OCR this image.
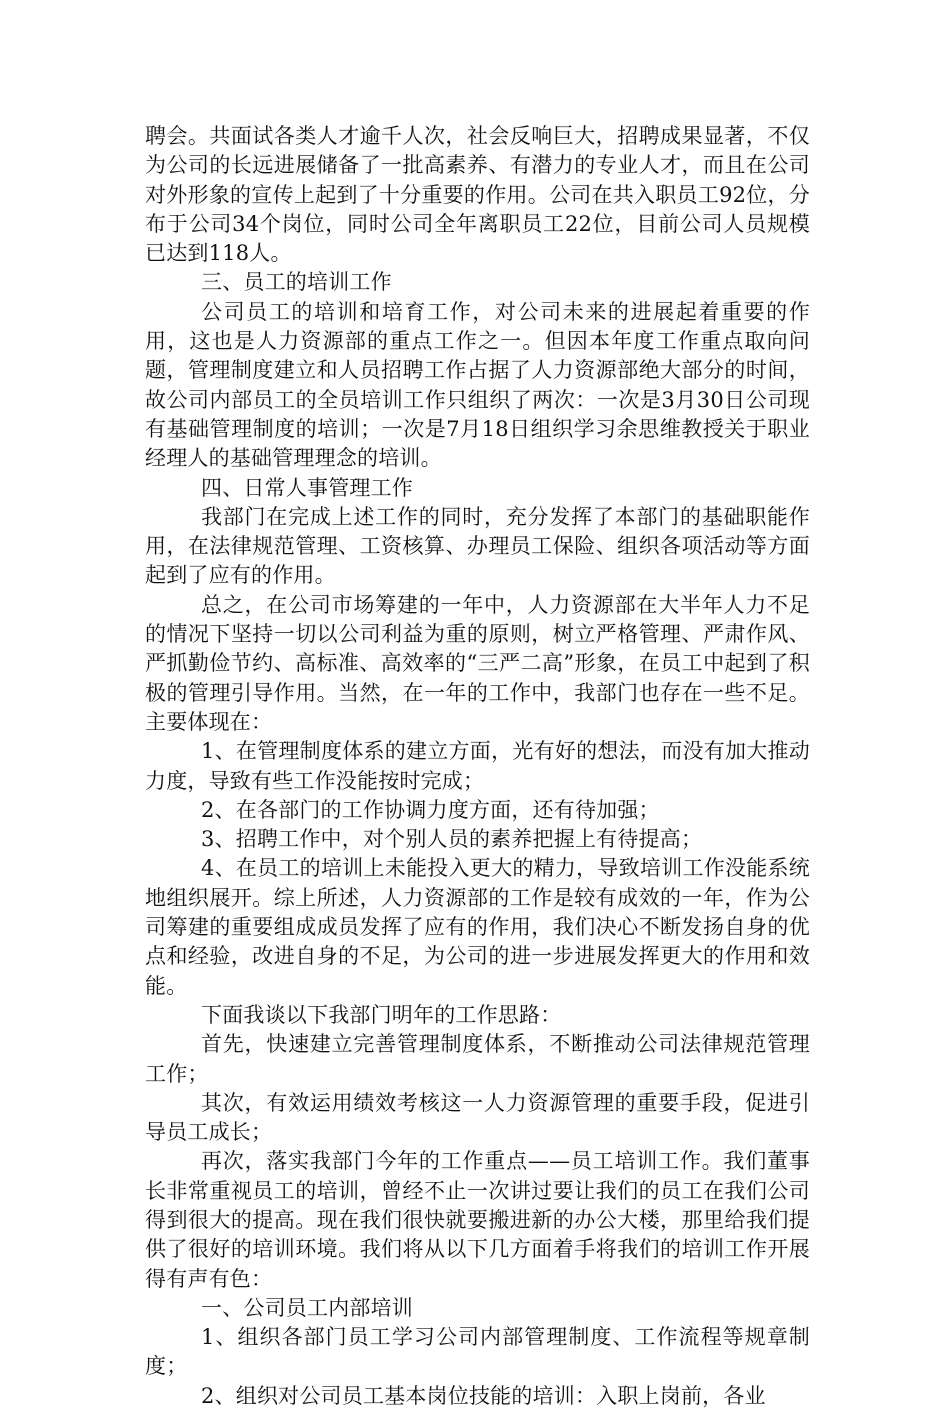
聘会。共面试各类人才逾千人次，社会反响巨大，招聘成果显著，不仅为公司的长远进展储备了一批高素养、有潜力的专业人才，而且在公司对外形象的宣传上起到了十分重要的作用。公司在共入职员工92位，分布于公司34个岗位，同时公司全年离职员工22位，目前公司人员规模已达到118人。

三、员工的培训工作

公司员工的培训和培育工作，对公司未来的进展起着重要的作用，这也是人力资源部的重点工作之一。但因本年度工作重点取向问题，管理制度建立和人员招聘工作占据了人力资源部绝大部分的时间，故公司内部员工的全员培训工作只组织了两次：一次是3月30日公司现有基础管理制度的培训；一次是7月18日组织学习余思维教授关于职业经理人的基础管理理念的培训。

四、日常人事管理工作

我部门在完成上述工作的同时，充分发挥了本部门的基础职能作用，在法律规范管理、工资核算、办理员工保险、组织各项活动等方面起到了应有的作用。

总之，在公司市场筹建的一年中，人力资源部在大半年人力不足的情况下坚持一切以公司利益为重的原则，树立严格管理、严肃作风、严抓勤俭节约、高标准、高效率的“三严二高”形象，在员工中起到了积极的管理引导作用。当然，在一年的工作中，我部门也存在一些不足。主要体现在：

1、在管理制度体系的建立方面，光有好的想法，而没有加大推动力度，导致有些工作没能按时完成；

2、在各部门的工作协调力度方面，还有待加强；

3、招聘工作中，对个别人员的素养把握上有待提高；

4、在员工的培训上未能投入更大的精力，导致培训工作没能系统地组织展开。综上所述，人力资源部的工作是较有成效的一年，作为公司筹建的重要组成成员发挥了应有的作用，我们决心不断发扬自身的优点和经验，改进自身的不足，为公司的进一步进展发挥更大的作用和效能。

下面我谈以下我部门明年的工作思路：

首先，快速建立完善管理制度体系，不断推动公司法律规范管理工作；

其次，有效运用绩效考核这一人力资源管理的重要手段，促进引导员工成长；

再次，落实我部门今年的工作重点——员工培训工作。我们董事长非常重视员工的培训，曾经不止一次讲过要让我们的员工在我们公司得到很大的提高。现在我们很快就要搬进新的办公大楼，那里给我们提供了很好的培训环境。我们将从以下几方面着手将我们的培训工作开展得有声有色：

一、公司员工内部培训

1、组织各部门员工学习公司内部管理制度、工作流程等规章制度；

2、组织对公司员工基本岗位技能的培训：入职上岗前，各业
